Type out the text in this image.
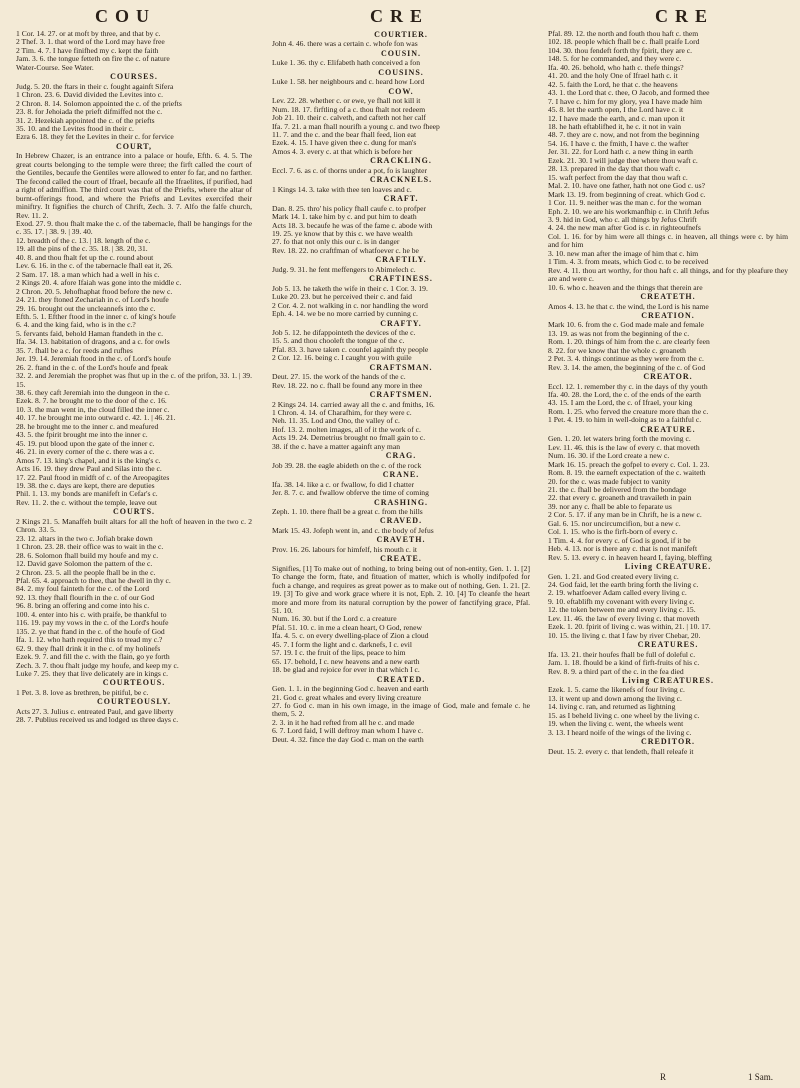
COU	CRE	CRE

1 Cor. 14. 27. or at moft by three, and that by c.

2 Thef. 3. 1. that word of the Lord may have free

2 Tim. 4. 7. I have finifhed my c. kept the faith

Jam. 3. 6. the tongue fetteth on fire the c. of nature

Water-Course. See Water.

COURSES.

Judg. 5. 20. the ftars in their c. fought againft Sifera

1 Chron. 23. 6. David divided the Levites into c.

2 Chron. 8. 14. Solomon appointed the c. of the priefts

23. 8. for Jehoiada the prieft difmiffed not the c.

31. 2. Hezekiah appointed the c. of the priefts

35. 10. and the Levites ftood in their c.

Ezra 6. 18. they fet the Levites in their c. for fervice

COURT,

In Hebrew Chazer, is an entrance into a palace or houfe, Efth. 6. 4. 5. The great courts belonging to the temple were three; the firft called the court of the Gentiles, becaufe the Gentiles were allowed to enter fo far, and no farther. The fecond called the court of Ifrael, becaufe all the Ifraelites, if purified, had a right of admiffion. The third court was that of the Priefts, where the altar of burnt-offerings ftood, and where the Priefts and Levites exercifed their miniftry. It fignifies the church of Chrift, Zech. 3. 7. Alfo the falfe church, Rev. 11. 2.

Exod. 27. 9. thou fhalt make the c. of the tabernacle, fhall be hangings for the c. 35. 17. | 38. 9. | 39. 40.

12. breadth of the c. 13. | 18. length of the c.

19. all the pins of the c. 35. 18. | 38. 20, 31.

40. 8. and thou fhalt fet up the c. round about

Lev. 6. 16. in the c. of the tabernacle fhall eat it, 26.

2 Sam. 17. 18. a man which had a well in his c.

2 Kings 20. 4. afore Ifaiah was gone into the middle c.

2 Chron. 20. 5. Jehofhaphat ftood before the new c.

24. 21. they ftoned Zechariah in c. of Lord's houfe

29. 16. brought out the uncleannefs into the c.

Efth. 5. 1. Efther ftood in the inner c. of king's houfe

6. 4. and the king faid, who is in the c.?

5. fervants faid, behold Haman ftandeth in the c.

Ifa. 34. 13. habitation of dragons, and a c. for owls

35. 7. fhall be a c. for reeds and rufhes

Jer. 19. 14. Jeremiah ftood in the c. of Lord's houfe

26. 2. ftand in the c. of the Lord's houfe and fpeak

32. 2. and Jeremiah the prophet was fhut up in the c. of the prifon, 33. 1. | 39. 15.

38. 6. they caft Jeremiah into the dungeon in the c.

Ezek. 8. 7. he brought me to the door of the c. 16.

10. 3. the man went in, the cloud filled the inner c.

40. 17. he brought me into outward c. 42. 1. | 46. 21.

28. he brought me to the inner c. and meafured

43. 5. the fpirit brought me into the inner c.

45. 19. put blood upon the gate of the inner c.

46. 21. in every corner of the c. there was a c.

Amos 7. 13. king's chapel, and it is the king's c.

Acts 16. 19. they drew Paul and Silas into the c.

17. 22. Paul ftood in midft of c. of the Areopagites

19. 38. the c. days are kept, there are deputies

Phil. 1. 13. my bonds are manifeft in Cefar's c.

Rev. 11. 2. the c. without the temple, leave out

COURTS.

2 Kings 21. 5. Manaffeh built altars for all the hoft of heaven in the two c. 2 Chron. 33. 5.

23. 12. altars in the two c. Jofiah brake down

1 Chron. 23. 28. their office was to wait in the c.

28. 6. Solomon fhall build my houfe and my c.

12. David gave Solomon the pattern of the c.

2 Chron. 23. 5. all the people fhall be in the c.

Pfal. 65. 4. approach to thee, that he dwell in thy c.

84. 2. my foul fainteth for the c. of the Lord

92. 13. they fhall flourifh in the c. of our God

96. 8. bring an offering and come into his c.

100. 4. enter into his c. with praife, be thankful to

116. 19. pay my vows in the c. of the Lord's houfe

135. 2. ye that ftand in the c. of the houfe of God

Ifa. 1. 12. who hath required this to tread my c.?

62. 9. they fhall drink it in the c. of my holinefs

Ezek. 9. 7. and fill the c. with the flain, go ye forth

Zech. 3. 7. thou fhalt judge my houfe, and keep my c.

Luke 7. 25. they that live delicately are in kings c.

COURTEOUS.

1 Pet. 3. 8. love as brethren, be pitiful, be c.

COURTEOUSLY.

Acts 27. 3. Julius c. entreated Paul, and gave liberty

28. 7. Publius received us and lodged us three days c.

COURTIER.

John 4. 46. there was a certain c. whofe fon was

COUSIN.

Luke 1. 36. thy c. Elifabeth hath conceived a fon

COUSINS.

Luke 1. 58. her neighbours and c. heard how Lord

COW.

Lev. 22. 28. whether c. or ewe, ye fhall not kill it

Num. 18. 17. firftling of a c. thou fhalt not redeem

Job 21. 10. their c. calveth, and cafteth not her calf

Ifa. 7. 21. a man fhall nourifh a young c. and two fheep

11. 7. and the c. and the bear fhall feed, lion eat

Ezek. 4. 15. I have given thee c. dung for man's

Amos 4. 3. every c. at that which is before her

CRACKLING.

Eccl. 7. 6. as c. of thorns under a pot, fo is laughter

CRACKNELS.

1 Kings 14. 3. take with thee ten loaves and c.

CRAFT.

Dan. 8. 25. thro' his policy fhall caufe c. to profper

Mark 14. 1. take him by c. and put him to death

Acts 18. 3. becaufe he was of the fame c. abode with

19. 25. ye know that by this c. we have wealth

27. fo that not only this our c. is in danger

Rev. 18. 22. no craftfman of whatfoever c. he be

CRAFTILY.

Judg. 9. 31. he fent meffengers to Abimelech c.

CRAFTINESS.

Job 5. 13. he taketh the wife in their c. 1 Cor. 3. 19.

Luke 20. 23. but he perceived their c. and faid

2 Cor. 4. 2. not walking in c. nor handling the word

Eph. 4. 14. we be no more carried by cunning c.

CRAFTY.

Job 5. 12. he difappointeth the devices of the c.

15. 5. and thou chooleft the tongue of the c.

Pfal. 83. 3. have taken c. counfel againft thy people

2 Cor. 12. 16. being c. I caught you with guile

CRAFTSMAN.

Deut. 27. 15. the work of the hands of the c.

Rev. 18. 22. no c. fhall be found any more in thee

CRAFTSMEN.

2 Kings 24. 14. carried away all the c. and fmiths, 16.

1 Chron. 4. 14. of Charafhim, for they were c.

Neh. 11. 35. Lod and Ono, the valley of c.

Hof. 13. 2. molten images, all of it the work of c.

Acts 19. 24. Demetrius brought no fmall gain to c.

38. if the c. have a matter againft any man

CRAG.

Job 39. 28. the eagle abideth on the c. of the rock

CRANE.

Ifa. 38. 14. like a c. or fwallow, fo did I chatter

Jer. 8. 7. c. and fwallow obferve the time of coming

CRASHING.

Zeph. 1. 10. there fhall be a great c. from the hills

CRAVED.

Mark 15. 43. Jofeph went in, and c. the body of Jefus

CRAVETH.

Prov. 16. 26. labours for himfelf, his mouth c. it

CREATE.

Signifies, [1] To make out of nothing, to bring being out of non-entity, Gen. 1. 1. [2] To change the form, ftate, and fituation of matter, which is wholly indifpofed for fuch a change, and requires as great power as to make out of nothing, Gen. 1. 21. [2. 19. [3] To give and work grace where it is not, Eph. 2. 10. [4] To cleanfe the heart more and more from its natural corruption by the power of fanctifying grace, Pfal. 51. 10.

Num. 16. 30. but if the Lord c. a creature

Pfal. 51. 10. c. in me a clean heart, O God, renew

Ifa. 4. 5. c. on every dwelling-place of Zion a cloud

45. 7. I form the light and c. darknefs, I c. evil

57. 19. I c. the fruit of the lips, peace to him

65. 17. behold, I c. new heavens and a new earth

18. be glad and rejoice for ever in that which I c.

CREATED.

Gen. 1. 1. in the beginning God c. heaven and earth

21. God c. great whales and every living creature

27. fo God c. man in his own image, in the image of God, male and female c. he them, 5. 2.

2. 3. in it he had refted from all he c. and made

6. 7. Lord faid, I will deftroy man whom I have c.

Deut. 4. 32. fince the day God c. man on the earth

Pfal. 89. 12. the north and fouth thou haft c. them

102. 18. people which fhall be c. fhall praife Lord

104. 30. thou fendeft forth thy fpirit, they are c.

148. 5. for he commanded, and they were c.

Ifa. 40. 26. behold, who hath c. thefe things?

41. 20. and the holy One of Ifrael hath c. it

42. 5. faith the Lord, he that c. the heavens

43. 1. the Lord that c. thee, O Jacob, and formed thee

7. I have c. him for my glory, yea I have made him

45. 8. let the earth open, I the Lord have c. it

12. I have made the earth, and c. man upon it

18. he hath eftablifhed it, he c. it not in vain

48. 7. they are c. now, and not from the beginning

54. 16. I have c. the fmith, I have c. the wafter

Jer. 31. 22. for Lord hath c. a new thing in earth

Ezek. 21. 30. I will judge thee where thou waft c.

28. 13. prepared in the day that thou waft c.

15. waft perfect from the day that thou waft c.

Mal. 2. 10. have one father, hath not one God c. us?

Mark 13. 19. from beginning of creat. which God c.

1 Cor. 11. 9. neither was the man c. for the woman

Eph. 2. 10. we are his workmanfhip c. in Chrift Jefus

3. 9. hid in God, who c. all things by Jefus Chrift

4. 24. the new man after God is c. in righteoufnefs

Col. 1. 16. for by him were all things c. in heaven, all things were c. by him and for him

3. 10. new man after the image of him that c. him

1 Tim. 4. 3. from meats, which God c. to be received

Rev. 4. 11. thou art worthy, for thou haft c. all things, and for thy pleafure they are and were c.

10. 6. who c. heaven and the things that therein are

CREATETH.

Amos 4. 13. he that c. the wind, the Lord is his name

CREATION.

Mark 10. 6. from the c. God made male and female

13. 19. as was not from the beginning of the c.

Rom. 1. 20. things of him from the c. are clearly feen

8. 22. for we know that the whole c. groaneth

2 Pet. 3. 4. things continue as they were from the c.

Rev. 3. 14. the amen, the beginning of the c. of God

CREATOR.

Eccl. 12. 1. remember thy c. in the days of thy youth

Ifa. 40. 28. the Lord, the c. of the ends of the earth

43. 15. I am the Lord, the c. of Ifrael, your king

Rom. 1. 25. who ferved the creature more than the c.

1 Pet. 4. 19. to him in well-doing as to a faithful c.

CREATURE.

Gen. 1. 20. let waters bring forth the moving c.

Lev. 11. 46. this is the law of every c. that moveth

Num. 16. 30. if the Lord create a new c.

Mark 16. 15. preach the gofpel to every c. Col. 1. 23.

Rom. 8. 19. the earneft expectation of the c. waiteth

20. for the c. was made fubject to vanity

21. the c. fhall be delivered from the bondage

22. that every c. groaneth and travaileth in pain

39. nor any c. fhall be able to feparate us

2 Cor. 5. 17. if any man be in Chrift, he is a new c.

Gal. 6. 15. nor uncircumcifion, but a new c.

Col. 1. 15. who is the firft-born of every c.

1 Tim. 4. 4. for every c. of God is good, if it be

Heb. 4. 13. nor is there any c. that is not manifeft

Rev. 5. 13. every c. in heaven heard I, faying, bleffing

Living CREATURE.

Gen. 1. 21. and God created every living c.

24. God faid, let the earth bring forth the living c.

2. 19. whatfoever Adam called every living c.

9. 10. eftablifh my covenant with every living c.

12. the token between me and every living c. 15.

Lev. 11. 46. the law of every living c. that moveth

Ezek. 1. 20. fpirit of living c. was within, 21. | 10. 17.

10. 15. the living c. that I faw by river Chebar, 20.

CREATURES.

Ifa. 13. 21. their houfes fhall be full of doleful c.

Jam. 1. 18. fhould be a kind of firft-fruits of his c.

Rev. 8. 9. a third part of the c. in the fea died

Living CREATURES.

Ezek. 1. 5. came the likenefs of four living c.

13. it went up and down among the living c.

14. living c. ran, and returned as lightning

15. as I beheld living c. one wheel by the living c.

19. when the living c. went, the wheels went

3. 13. I heard noife of the wings of the living c.

CREDITOR.

Deut. 15. 2. every c. that lendeth, fhall releafe it

R	1 Sam.
